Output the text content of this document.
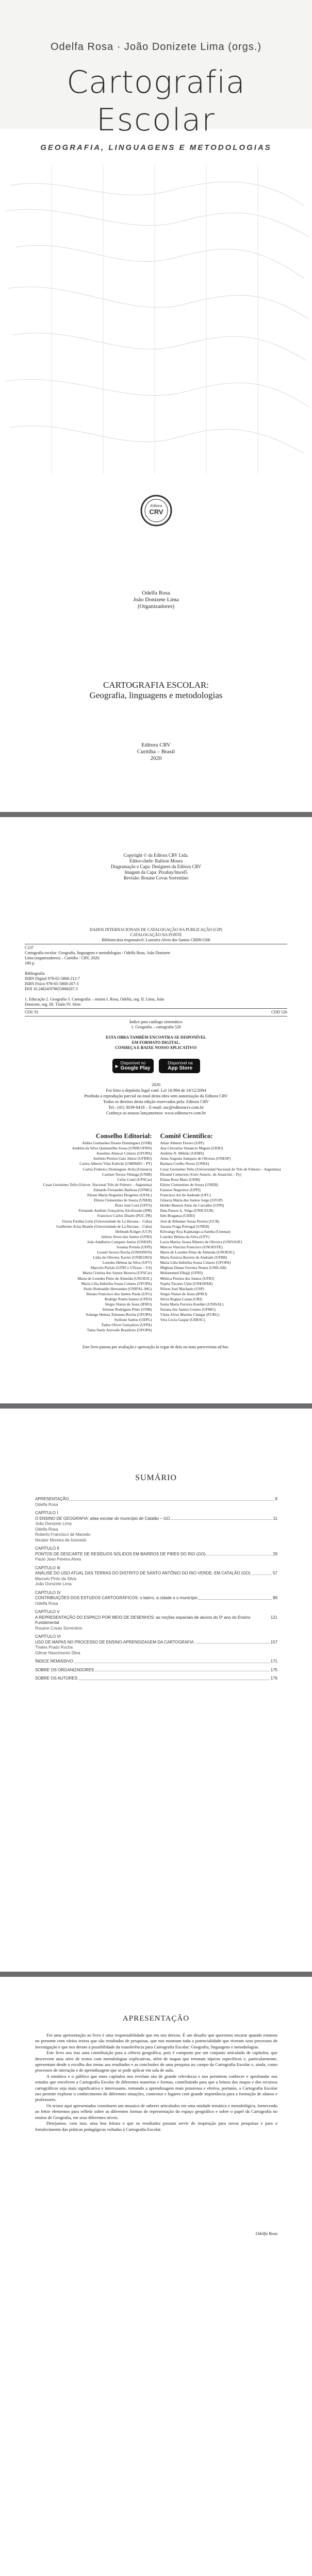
Odelfa Rosa · João Donizete Lima (orgs.)
Cartografia
Escolar
GEOGRAFIA, LINGUAGENS E METODOLOGIAS
Editora
CRV
Odelfa Rosa
João Donizete Lima
(Organizadores)
CARTOGRAFIA ESCOLAR:
Geografia, linguagens e metodologias
Editora CRV
Curitiba – Brasil
2020
Copyright © da Editora CRV Ltda.
Editor-chefe: Railson Moura
Diagramação e Capa: Designers da Editora CRV
Imagem da Capa: Pixabay/lmcel5
Revisão: Rosane Covas Sorrentino
DADOS INTERNACIONAIS DE CATALOGAÇÃO NA PUBLICAÇÃO (CIP)
CATALOGAÇÃO NA FONTE
Bibliotecária responsável: Luzenira Alves dos Santos CRB9/1506
C237
Cartografia escolar: Geografia, linguagens e metodologias / Odelfa Rosa, João Donizete
Lima (organizadores) – Curitiba : CRV, 2020.
180 p.
Bibliografia
ISBN Digital 978-65-5868-212-7
ISBN Físico 978-65-5868-207-3
DOI 10.24824/978655868207.3
1. Educação 2. Geografia 3. Cartografia – ensino I. Rosa, Odelfa, org. II. Lima, João
Donizete, org. III. Título IV. Série
CDU 91	CDD 526
Índice para catálogo sistemático
1. Geografia – cartografia 526
ESTA OBRA TAMBÉM ENCONTRA-SE DISPONÍVEL
EM FORMATO DIGITAL.
CONHEÇA E BAIXE NOSSO APLICATIVO!
▶
Disponível no
Google Play
Disponível na
App Store
2020
Foi feito o depósito legal conf. Lei 10.994 de 14/12/2004
Proibida a reprodução parcial ou total desta obra sem autorização da Editora CRV
Todos os direitos desta edição reservados pela: Editora CRV
Tel.: (41) 3039-6418 – E-mail: sac@editoracrv.com.br
Conheça os nossos lançamentos: www.editoracrv.com.br
Conselho Editorial:
Aldira Guimarães Duarte Domínguez (UNB)
Andréia da Silva Quintanilha Sousa (UNIR/UFRN)
Anselmo Alencar Colares (UFOPA)
Antônio Pereira Gaio Júnior (UFRRJ)
Carlos Alberto Vilar Estêvão (UMINHO – PT)
Carlos Federico Dominguez Avila (Unieuro)
Carmen Tereza Velanga (UNIR)
Celso Conti (UFSCar)
Cesar Gerónimo Tello (Univer .Nacional Três de Febrero – Argentina)
Eduardo Fernandes Barbosa (UFMG)
Elione Maria Nogueira Diogenes (UFAL)
Elizeu Clementino de Souza (UNEB)
Élsio José Corá (UFFS)
Fernando Antônio Gonçalves Alcoforado (IPB)
Francisco Carlos Duarte (PUC-PR)
Gloria Fariñas León (Universidade de La Havana – Cuba)
Guillermo Arias Beatón (Universidade de La Havana – Cuba)
Helmuth Krüger (UCP)
Jailson Alves dos Santos (UFRJ)
João Adalberto Campato Junior (UNESP)
Josania Portela (UFPI)
Leonel Severo Rocha (UNISINOS)
Lídia de Oliveira Xavier (UNIEURO)
Lourdes Helena da Silva (UFV)
Marcelo Paixão (UFRJ e UTexas – US)
Maria Cristina dos Santos Bezerra (UFSCar)
Maria de Lourdes Pinto de Almeida (UNOESC)
Maria Lília Imbiriba Sousa Colares (UFOPA)
Paulo Romualdo Hernandes (UNIFAL-MG)
Renato Francisco dos Santos Paula (UFG)
Rodrigo Pratte-Santos (UFES)
Sérgio Nunes de Jesus (IFRO)
Simone Rodrigues Pinto (UNB)
Solange Helena Ximenes-Rocha (UFOPA)
Sydione Santos (UEPG)
Tadeu Oliver Gonçalves (UFPA)
Tania Suely Azevedo Brasileiro (UFOPA)
Comitê Científico:
Altair Alberto Fávero (UPF)
Ana Chrystina Venancio Mignot (UERJ)
Andréia N. Militão (UEMS)
Anna Augusta Sampaio de Oliveira (UNESP)
Barbara Coelho Neves (UFBA)
Cesar Gerónimo Tello (Universidad Nacional de Três de Febrero – Argentina)
Diosnel Centurion (Univ Americ. de Asunción – Py)
Eliane Rose Maio (UEM)
Elizeu Clementino de Souza (UNEB)
Fauston Negreiros (UFPI)
Francisco Ari de Andrade (UFC)
Gláucia Maria dos Santos Jorge (UFOP)
Helder Buenos Aires de Carvalho (UFPI)
Ilma Passos A. Veiga (UNICEUB)
Inês Bragança (UERJ)
José de Ribamar Sousa Pereira (UCB)
Jussara Fraga Portugal (UNEB)
Kilwangy Kya Kapitango-a-Samba (Unemat)
Lourdes Helena da Silva (UFV)
Lucia Marisy Souza Ribeiro de Oliveira (UNIVASF)
Marcos Vinicius Francisco (UNOESTE)
Maria de Lourdes Pinto de Almeida (UNOESC)
Maria Eurácia Barreto de Andrade (UFRB)
Maria Lília Imbiriba Sousa Colares (UFOPA)
Míghian Danae Ferreira Nunes (UNILAB)
Mohammed Elhajji (UFRJ)
Mônica Pereira dos Santos (UFRJ)
Najela Tavares Ujiie (UNESPAR)
Nilson José Machado (USP)
Sérgio Nunes de Jesus (IFRO)
Silvia Regina Canan (URI)
Sonia Maria Ferreira Koehler (UNISAL)
Suzana dos Santos Gomes (UFMG)
Vânia Alves Martins Chaigar (FURG)
Vera Lucia Gaspar (UDESC)
Este livro passou por avaliação e aprovação às cegas de dois ou mais pareceristas ad hoc.
SUMÁRIO
APRESENTAÇÃO	9
Odelfa Rosa
CAPÍTULO I
O ENSINO DE GEOGRAFIA: atlas escolar do município de Catalão – GO	11
João Donizete Lima
Odelfa Rosa
Roberto Francisco de Macedo
Neuber Moreira de Azevedo
CAPÍTULO II
PONTOS DE DESCARTE DE RESÍDUOS SÓLIDOS EM BAIRROS DE PIRES DO RIO (GO)	29
Paulo Jean Pereira Alves
CAPÍTULO III
ANÁLISE DO USO ATUAL DAS TERRAS DO DISTRITO DE SANTO ANTÔNIO DO RIO VERDE, EM CATALÃO (GO)	57
Marcelo Pinto da Silva
João Donizete Lima
CAPÍTULO IV
CONTRIBUIÇÕES DOS ESTUDOS CARTOGRÁFICOS: o bairro, a cidade e o município	89
Odelfa Rosa
CAPÍTULO V
A REPRESENTAÇÃO DO ESPAÇO POR MEIO DE DESENHOS: as noções espaciais de alunos do 5º ano do Ensino Fundamental
121
Rosane Covas Sorrentino
CAPÍTULO VI
USO DE MAPAS NO PROCESSO DE ENSINO-APRENDIZAGEM DA CARTOGRAFIA	157
Thales Prado Rocha
Gilmar Nascimento Silva
ÍNDICE REMISSIVO	171
SOBRE OS ORGANIZADORES	175
SOBRE OS AUTORES	176
APRESENTAÇÃO

Foi uma apresentação ao livro é uma responsabilidade que em nos deixou. É um desafio que queremos encarar quando estamos no presente com vários textos que são resultados de pesquisas, que nos mostram toda a potencialidade que tiveram seus processos de investigação e que nos deram a possibilidade da transferência para Cartografia Escolar: Geografia, linguagens e metodologias.

Este livro nos traz uma contribuição para a ciência geográfica, pois é composto por um conjunto articulado de capítulos, que descrevem uma série de textos com metodologias explicativas, além de mapas que retratam tópicos específicos e, particularmente, apresentam desde a escolha dos temas aos resultados e as conclusões de uma pesquisa no campo da Cartografia Escolar e, ainda, como processos de interação e de aprendizagem que se pode aplicar em sala de aula.

A temática e o público que estes capítulos nos revelam são de grande relevância e nos permitem conhecer e aprofundar nos estudos que envolvem a Cartografia Escolar de diferentes maneiras e formas, contribuindo para que a leitura dos mapas e dos recursos cartográficos seja mais significativa e interessante, tornando a aprendizagem mais prazerosa e efetiva, portanto, a Cartografia Escolar nos permite explorar o conhecimento de diferentes situações, contextos e lugares com grande importância para a formação de alunos e professores.

Os textos aqui apresentados constituem um mosaico de saberes articulados em uma unidade temática e metodológica, fornecendo ao leitor elementos para refletir sobre as diferentes formas de representação do espaço geográfico e sobre o papel da Cartografia no ensino de Geografia, em seus diferentes níveis.

Desejamos, com isso, uma boa leitura e que os resultados possam servir de inspiração para novas pesquisas e para o fortalecimento das práticas pedagógicas voltadas à Cartografia Escolar.

Odelfa Rosa
